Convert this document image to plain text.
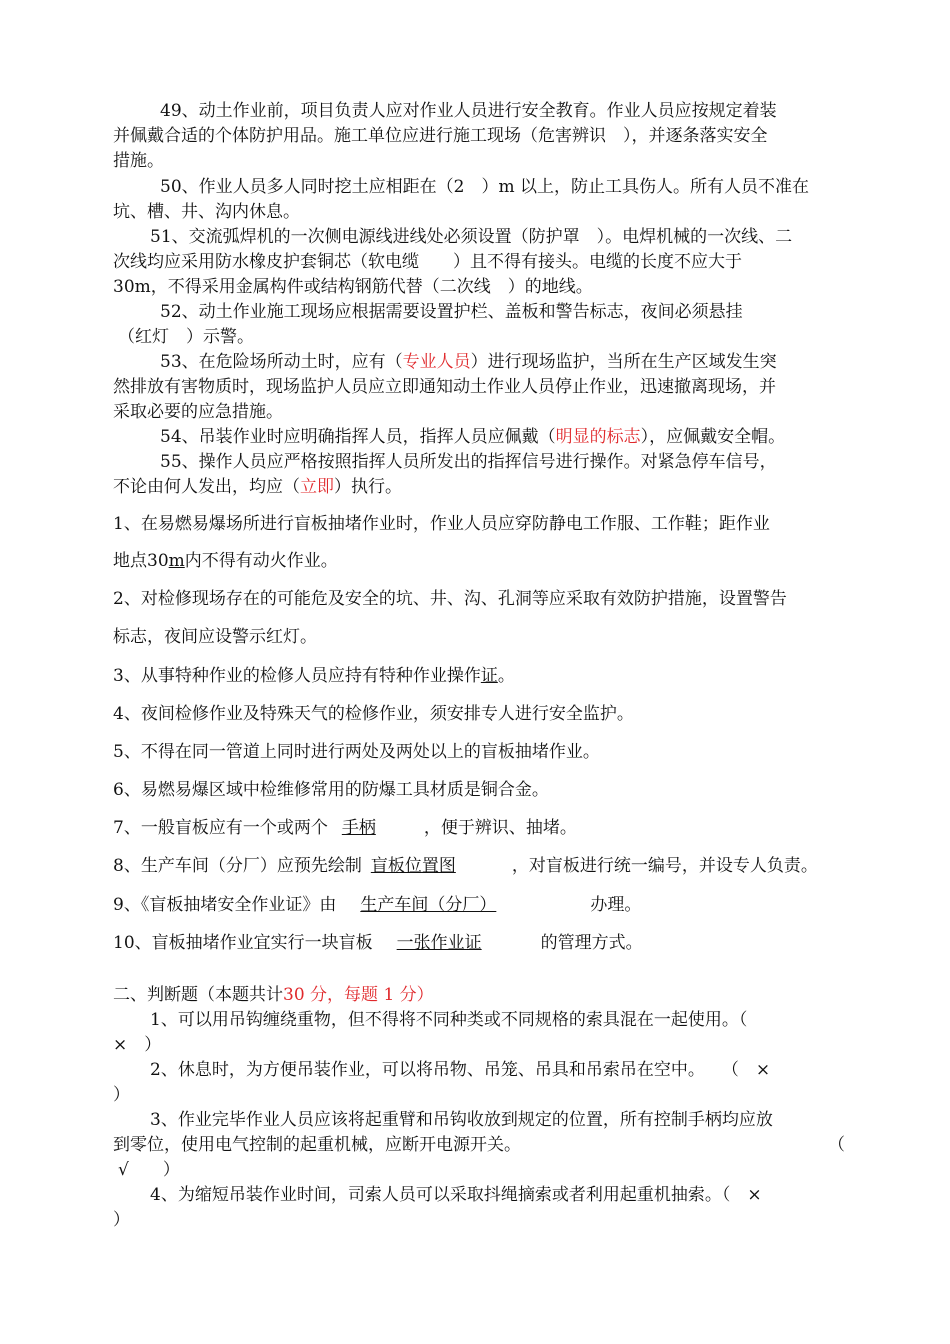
49、动土作业前，项目负责人应对作业人员进行安全教育。作业人员应按规定着装
并佩戴合适的个体防护用品。施工单位应进行施工现场（危害辨识　），并逐条落实安全
措施。
50、作业人员多人同时挖土应相距在（2　）m 以上，防止工具伤人。所有人员不准在
坑、槽、井、沟内休息。
51、交流弧焊机的一次侧电源线进线处必须设置（防护罩　）。电焊机械的一次线、二
次线均应采用防水橡皮护套铜芯（软电缆　　）且不得有接头。电缆的长度不应大于
30m，不得采用金属构件或结构钢筋代替（二次线　）的地线。
52、动土作业施工现场应根据需要设置护栏、盖板和警告标志，夜间必须悬挂
（红灯　）示警。
53、在危险场所动土时，应有（专业人员）进行现场监护，当所在生产区域发生突
然排放有害物质时，现场监护人员应立即通知动土作业人员停止作业，迅速撤离现场，并
采取必要的应急措施。
54、吊装作业时应明确指挥人员，指挥人员应佩戴（明显的标志），应佩戴安全帽。
55、操作人员应严格按照指挥人员所发出的指挥信号进行操作。对紧急停车信号，
不论由何人发出，均应（立即）执行。
1、在易燃易爆场所进行盲板抽堵作业时，作业人员应穿防静电工作服、工作鞋；距作业
地点30m内不得有动火作业。
2、对检修现场存在的可能危及安全的坑、井、沟、孔洞等应采取有效防护措施，设置警告
标志，夜间应设警示红灯。
3、从事特种作业的检修人员应持有特种作业操作证。
4、夜间检修作业及特殊天气的检修作业，须安排专人进行安全监护。
5、不得在同一管道上同时进行两处及两处以上的盲板抽堵作业。
6、易燃易爆区域中检维修常用的防爆工具材质是铜合金。
7、一般盲板应有一个或两个 手柄	，便于辨识、抽堵。
8、生产车间（分厂）应预先绘制 盲板位置图	，对盲板进行统一编号，并设专人负责。
9、《盲板抽堵安全作业证》由 生产车间（分厂）	办理。
10、盲板抽堵作业宜实行一块盲板 一张作业证	的管理方式。
二、判断题（本题共计30 分，每题 1 分）
1、可以用吊钩缠绕重物，但不得将不同种类或不同规格的索具混在一起使用。（
×　）
2、休息时，为方便吊装作业，可以将吊物、吊笼、吊具和吊索吊在空中。　　（　×
）
3、作业完毕作业人员应该将起重臂和吊钩收放到规定的位置，所有控制手柄均应放
到零位，使用电气控制的起重机械，应断开电源开关。	（
√　　）
4、为缩短吊装作业时间，司索人员可以采取抖绳摘索或者利用起重机抽索。（　×
）
